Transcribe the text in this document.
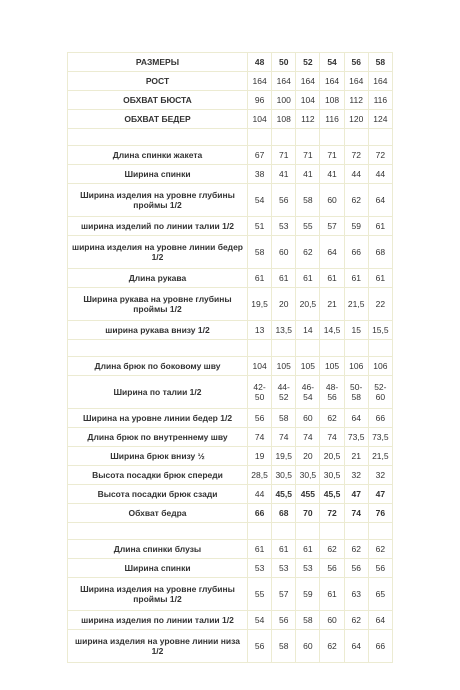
РАЗМЕРЫ	48	50	52	54	56	58
РОСТ	164	164	164	164	164	164
ОБХВАТ БЮСТА	96	100	104	108	112	116
ОБХВАТ БЕДЕР	104	108	112	116	120	124

Длина спинки жакета	67	71	71	71	72	72
Ширина спинки	38	41	41	41	44	44
Ширина изделия на уровне глубины проймы 1/2	54	56	58	60	62	64
ширина изделий по линии талии 1/2	51	53	55	57	59	61
ширина изделия на уровне линии бедер 1/2	58	60	62	64	66	68
Длина рукава	61	61	61	61	61	61
Ширина рукава на уровне глубины проймы 1/2	19,5	20	20,5	21	21,5	22
ширина рукава внизу 1/2	13	13,5	14	14,5	15	15,5

Длина брюк по боковому шву	104	105	105	105	106	106
Ширина по талии 1/2	42-50	44-52	46-54	48-56	50-58	52-60
Ширина на уровне линии бедер 1/2	56	58	60	62	64	66
Длина брюк по внутреннему шву	74	74	74	74	73,5	73,5
Ширина брюк внизу ½	19	19,5	20	20,5	21	21,5
Высота посадки брюк спереди	28,5	30,5	30,5	30,5	32	32
Высота посадки брюк сзади	44	45,5	455	45,5	47	47
Обхват бедра	66	68	70	72	74	76

Длина спинки блузы	61	61	61	62	62	62
Ширина спинки	53	53	53	56	56	56
Ширина изделия на уровне глубины проймы 1/2	55	57	59	61	63	65
ширина изделия по линии талии 1/2	54	56	58	60	62	64
ширина изделия на уровне линии низа 1/2	56	58	60	62	64	66
